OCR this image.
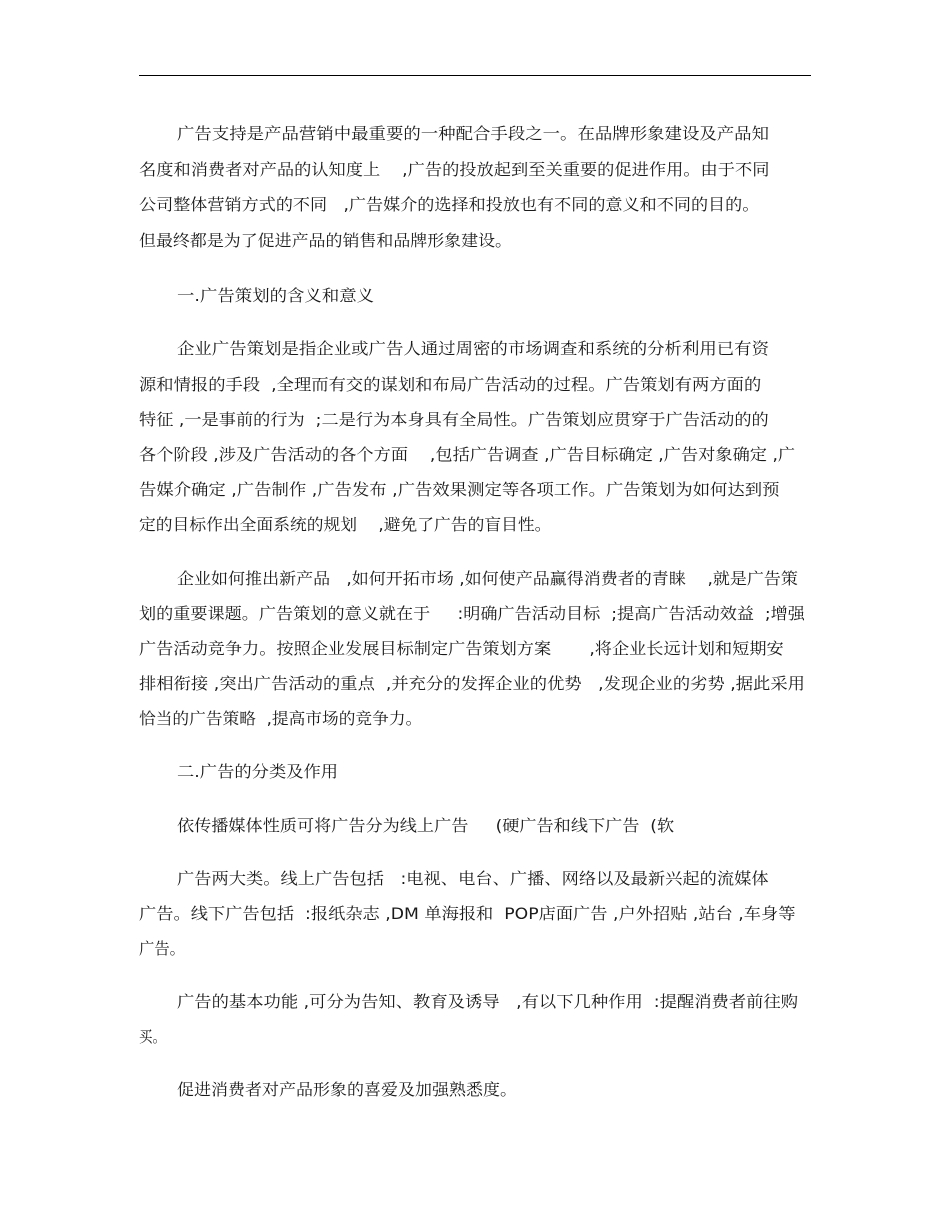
广告支持是产品营销中最重要的一种配合手段之一。在品牌形象建设及产品知
名度和消费者对产品的认知度上    ,广告的投放起到至关重要的促进作用。由于不同
公司整体营销方式的不同   ,广告媒介的选择和投放也有不同的意义和不同的目的。
但最终都是为了促进产品的销售和品牌形象建设。
一.广告策划的含义和意义
企业广告策划是指企业或广告人通过周密的市场调查和系统的分析利用已有资
源和情报的手段  ,全理而有交的谋划和布局广告活动的过程。广告策划有两方面的
特征 ,一是事前的行为  ;二是行为本身具有全局性。广告策划应贯穿于广告活动的的
各个阶段 ,涉及广告活动的各个方面    ,包括广告调查 ,广告目标确定 ,广告对象确定 ,广
告媒介确定 ,广告制作 ,广告发布 ,广告效果测定等各项工作。广告策划为如何达到预
定的目标作出全面系统的规划    ,避免了广告的盲目性。
企业如何推出新产品   ,如何开拓市场 ,如何使产品赢得消费者的青睐    ,就是广告策
划的重要课题。广告策划的意义就在于     :明确广告活动目标  ;提高广告活动效益  ;增强
广告活动竞争力。按照企业发展目标制定广告策划方案       ,将企业长远计划和短期安
排相衔接 ,突出广告活动的重点  ,并充分的发挥企业的优势   ,发现企业的劣势 ,据此采用
恰当的广告策略  ,提高市场的竞争力。
二.广告的分类及作用
依传播媒体性质可将广告分为线上广告     (硬广告和线下广告  (软
广告两大类。线上广告包括   :电视、电台、广播、网络以及最新兴起的流媒体
广告。线下广告包括  :报纸杂志 ,DM 单海报和  POP店面广告 ,户外招贴 ,站台 ,车身等
广告。
广告的基本功能 ,可分为告知、教育及诱导   ,有以下几种作用  :提醒消费者前往购
买。
促进消费者对产品形象的喜爱及加强熟悉度。
